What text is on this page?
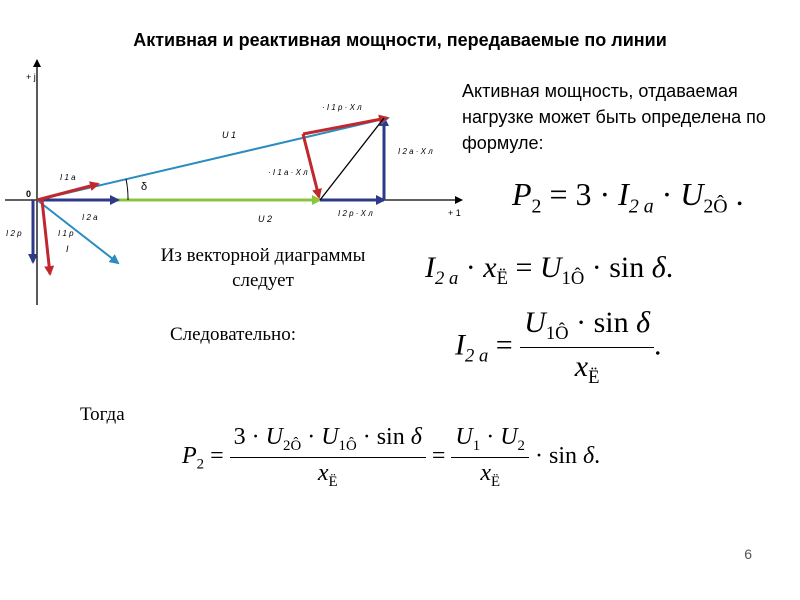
Активная и реактивная мощности, передаваемые по линии
+ j
+ 1
0
U 1
U 2
I 1 a
I 2 a
I 1 p
I 2 p
I
δ
· I 1 p · X л
· I 1 a · X л
I 2 a · X л
I 2 p · X л
Активная мощность, отдаваемая нагрузке может быть определена по формуле:
$P_2 = 3 \cdot I_{2 a} \cdot U_{2Ô}$ .
Из векторной диаграммы следует	$I_{2 a} \cdot x_Ë = U_{1Ô} \cdot \sin \delta$.
Следовательно:	$I_{2 a} = \frac{U_{1Ô} \cdot \sin \delta}{x_Ë}$ .
Тогда
$P_2 = \frac{3 \cdot U_{2Ô} \cdot U_{1Ô} \cdot \sin \delta}{x_Ë} = \frac{U_1 \cdot U_2}{x_Ë} \cdot \sin \delta$.
6
